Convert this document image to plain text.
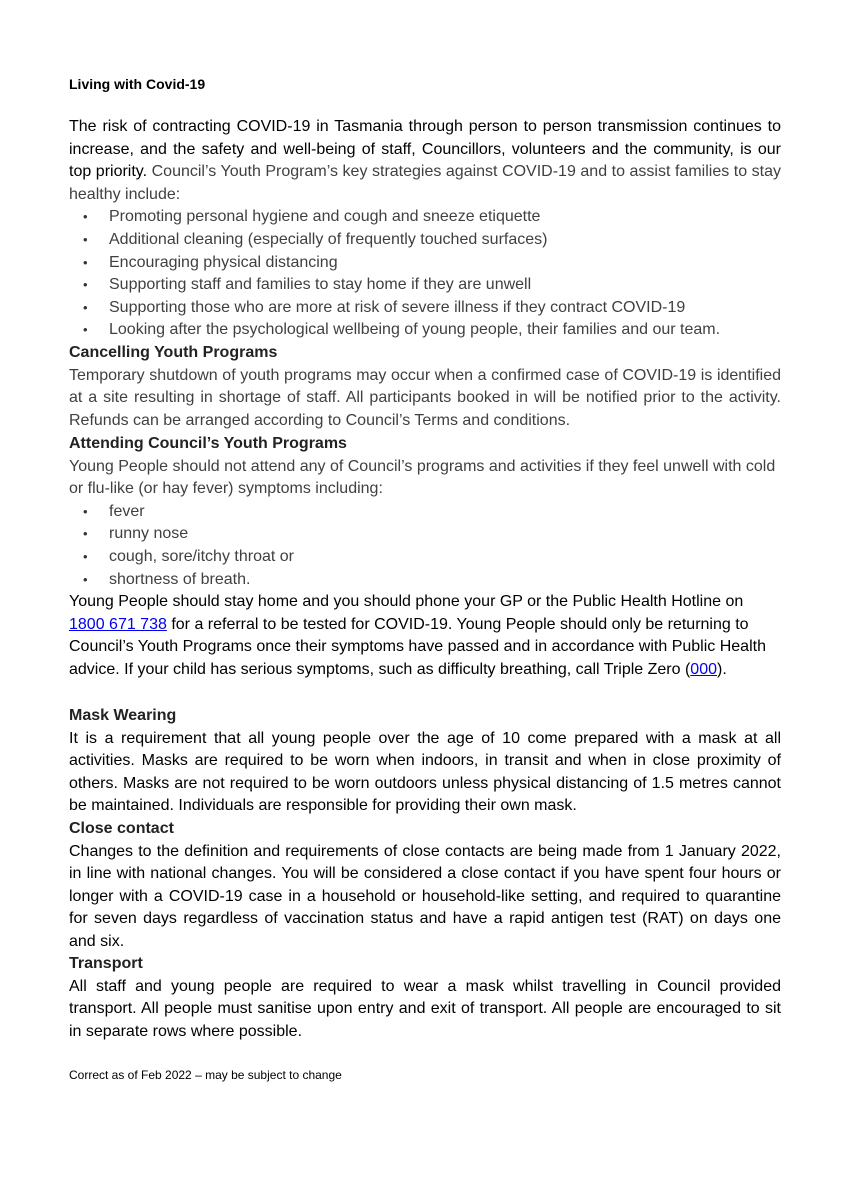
Living with Covid-19

The risk of contracting COVID-19 in Tasmania through person to person transmission continues to increase, and the safety and well-being of staff, Councillors, volunteers and the community, is our top priority. Council’s Youth Program’s key strategies against COVID-19 and to assist families to stay healthy include:

• Promoting personal hygiene and cough and sneeze etiquette
• Additional cleaning (especially of frequently touched surfaces)
• Encouraging physical distancing
• Supporting staff and families to stay home if they are unwell
• Supporting those who are more at risk of severe illness if they contract COVID-19
• Looking after the psychological wellbeing of young people, their families and our team.
Cancelling Youth Programs

Temporary shutdown of youth programs may occur when a confirmed case of COVID-19 is identified at a site resulting in shortage of staff. All participants booked in will be notified prior to the activity. Refunds can be arranged according to Council’s Terms and conditions.

Attending Council’s Youth Programs

Young People should not attend any of Council’s programs and activities if they feel unwell with cold or flu-like (or hay fever) symptoms including:

• fever
• runny nose
• cough, sore/itchy throat or
• shortness of breath.

Young People should stay home and you should phone your GP or the Public Health Hotline on 1800 671 738 for a referral to be tested for COVID-19. Young People should only be returning to Council’s Youth Programs once their symptoms have passed and in accordance with Public Health advice. If your child has serious symptoms, such as difficulty breathing, call Triple Zero (000).

Mask Wearing

It is a requirement that all young people over the age of 10 come prepared with a mask at all activities. Masks are required to be worn when indoors, in transit and when in close proximity of others. Masks are not required to be worn outdoors unless physical distancing of 1.5 metres cannot be maintained. Individuals are responsible for providing their own mask.

Close contact

Changes to the definition and requirements of close contacts are being made from 1 January 2022, in line with national changes. You will be considered a close contact if you have spent four hours or longer with a COVID-19 case in a household or household-like setting, and required to quarantine for seven days regardless of vaccination status and have a rapid antigen test (RAT) on days one and six.

Transport

All staff and young people are required to wear a mask whilst travelling in Council provided transport. All people must sanitise upon entry and exit of transport. All people are encouraged to sit in separate rows where possible.

Correct as of Feb 2022 – may be subject to change
